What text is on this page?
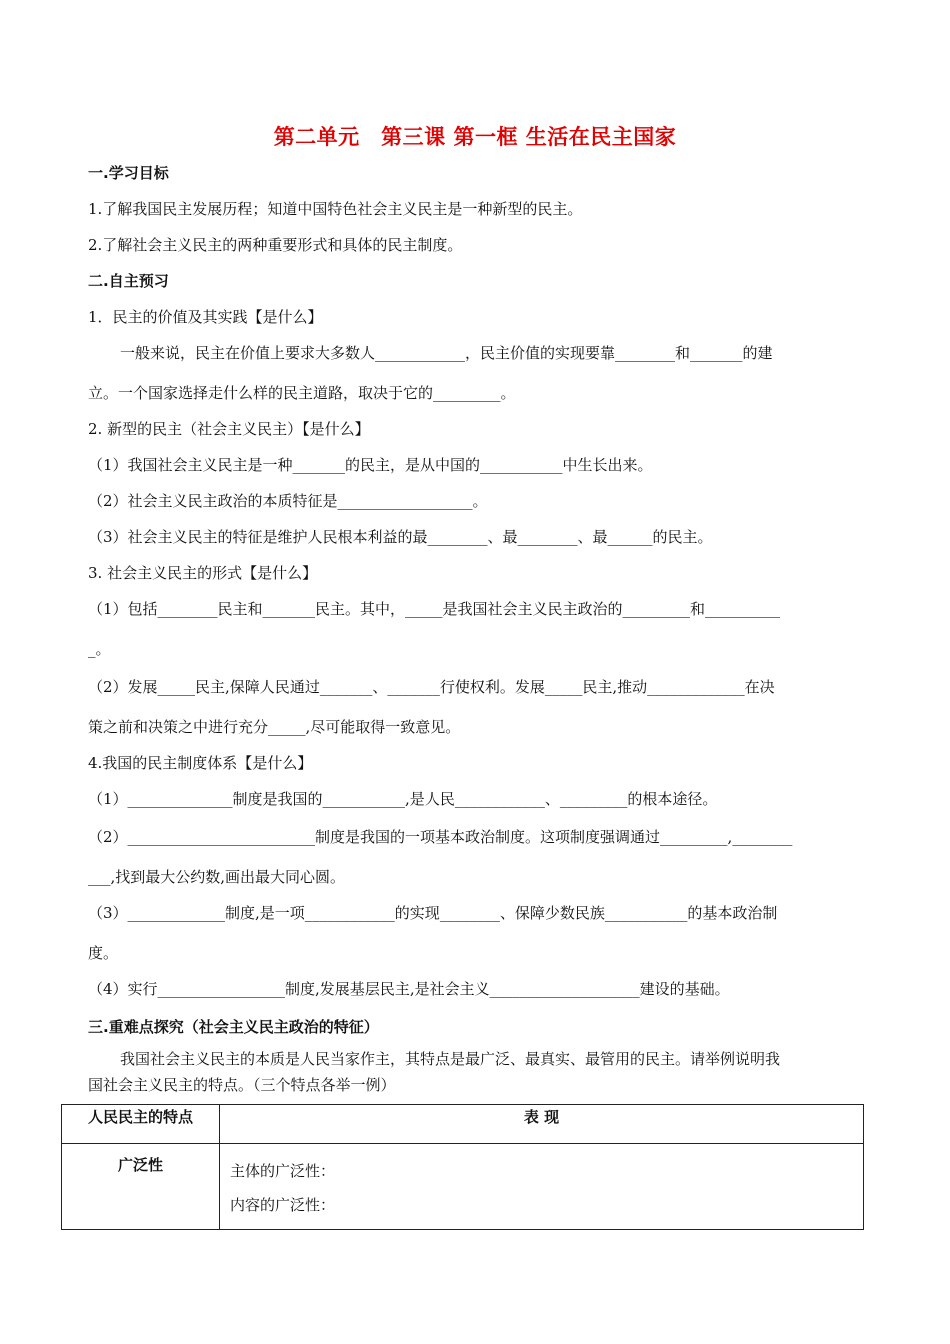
第二单元　第三课 第一框 生活在民主国家
一.学习目标
1.了解我国民主发展历程；知道中国特色社会主义民主是一种新型的民主。
2.了解社会主义民主的两种重要形式和具体的民主制度。
二.自主预习
1．民主的价值及其实践【是什么】
一般来说，民主在价值上要求大多数人____________，民主价值的实现要靠________和_______的建
立。一个国家选择走什么样的民主道路，取决于它的_________。
2. 新型的民主（社会主义民主）【是什么】
（1）我国社会主义民主是一种_______的民主，是从中国的___________中生长出来。
（2）社会主义民主政治的本质特征是__________________。
（3）社会主义民主的特征是维护人民根本利益的最________、最________、最______的民主。
3. 社会主义民主的形式【是什么】
（1）包括________民主和_______民主。其中，_____是我国社会主义民主政治的_________和__________
_。
（2）发展_____民主,保障人民通过_______、_______行使权利。发展_____民主,推动_____________在决
策之前和决策之中进行充分_____,尽可能取得一致意见。
4.我国的民主制度体系【是什么】
（1）______________制度是我国的___________,是人民____________、_________的根本途径。
（2）_________________________制度是我国的一项基本政治制度。这项制度强调通过_________,________
___,找到最大公约数,画出最大同心圆。
（3）_____________制度,是一项____________的实现________、保障少数民族___________的基本政治制
度。
（4）实行_________________制度,发展基层民主,是社会主义____________________建设的基础。
三.重难点探究（社会主义民主政治的特征）
我国社会主义民主的本质是人民当家作主，其特点是最广泛、最真实、最管用的民主。请举例说明我
国社会主义民主的特点。（三个特点各举一例）
人民民主的特点	表 现
广泛性	主体的广泛性：
内容的广泛性：
